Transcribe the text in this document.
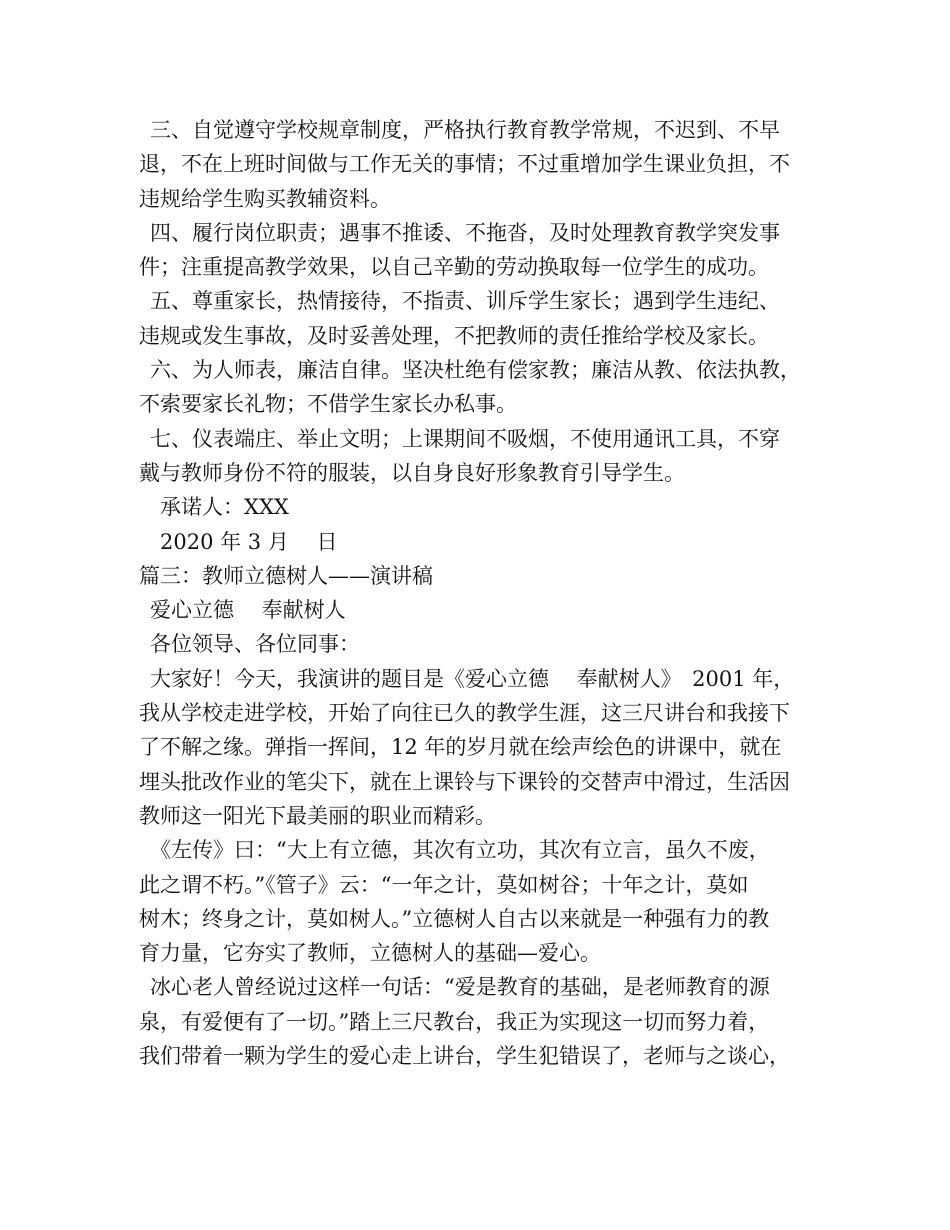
三、自觉遵守学校规章制度，严格执行教育教学常规，不迟到、不早
退，不在上班时间做与工作无关的事情；不过重增加学生课业负担，不
违规给学生购买教辅资料。
四、履行岗位职责；遇事不推诿、不拖沓，及时处理教育教学突发事
件；注重提高教学效果，以自己辛勤的劳动换取每一位学生的成功。
五、尊重家长，热情接待，不指责、训斥学生家长；遇到学生违纪、
违规或发生事故，及时妥善处理，不把教师的责任推给学校及家长。
六、为人师表，廉洁自律。坚决杜绝有偿家教；廉洁从教、依法执教，
不索要家长礼物；不借学生家长办私事。
七、仪表端庄、举止文明；上课期间不吸烟，不使用通讯工具，不穿
戴与教师身份不符的服装，以自身良好形象教育引导学生。
承诺人：XXX
2020 年 3 月　 日
篇三：教师立德树人——演讲稿
爱心立德　 奉献树人
各位领导、各位同事：
大家好！今天，我演讲的题目是《爱心立德　 奉献树人》　2001 年，
我从学校走进学校，开始了向往已久的教学生涯，这三尺讲台和我接下
了不解之缘。弹指一挥间，12 年的岁月就在绘声绘色的讲课中，就在
埋头批改作业的笔尖下，就在上课铃与下课铃的交替声中滑过，生活因
教师这一阳光下最美丽的职业而精彩。
《左传》曰：“大上有立德，其次有立功，其次有立言，虽久不废，
此之谓不朽。”《管子》云：“一年之计，莫如树谷；十年之计，莫如
树木；终身之计，莫如树人。”立德树人自古以来就是一种强有力的教
育力量，它夯实了教师，立德树人的基础—爱心。
冰心老人曾经说过这样一句话：“爱是教育的基础，是老师教育的源
泉，有爱便有了一切。”踏上三尺教台，我正为实现这一切而努力着，
我们带着一颗为学生的爱心走上讲台，学生犯错误了，老师与之谈心，
